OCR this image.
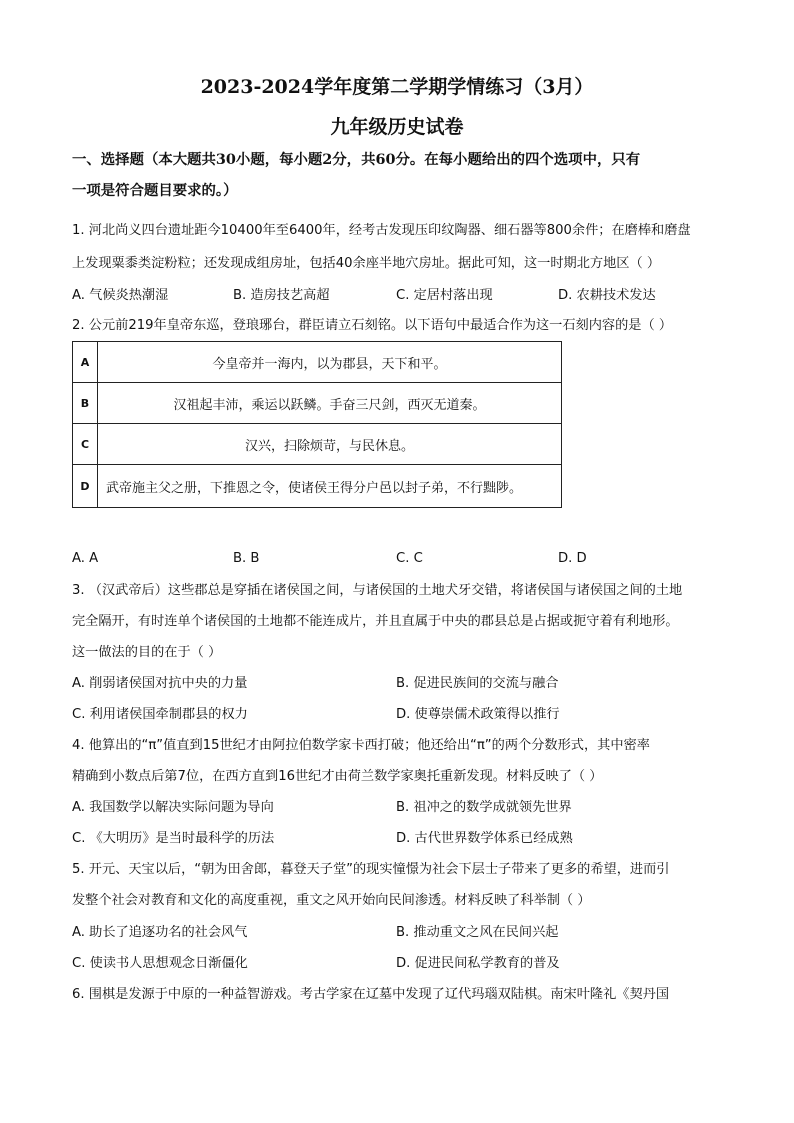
2023-2024学年度第二学期学情练习（3月）
九年级历史试卷
一、选择题（本大题共30小题，每小题2分，共60分。在每小题给出的四个选项中，只有
一项是符合题目要求的。）
1. 河北尚义四台遗址距今10400年至6400年，经考古发现压印纹陶器、细石器等800余件；在磨棒和磨盘
上发现粟黍类淀粉粒；还发现成组房址，包括40余座半地穴房址。据此可知，这一时期北方地区（ ）
A. 气候炎热潮湿	B. 造房技艺高超	C. 定居村落出现	D. 农耕技术发达
2. 公元前219年皇帝东巡，登琅琊台，群臣请立石刻铭。以下语句中最适合作为这一石刻内容的是（ ）
A	今皇帝并一海内，以为郡县，天下和平。
B	汉祖起丰沛，乘运以跃鳞。手奋三尺剑，西灭无道秦。
C	汉兴，扫除烦苛，与民休息。
D	武帝施主父之册，下推恩之令，使诸侯王得分户邑以封子弟，不行黜陟。
A. A	B. B	C. C	D. D
3. （汉武帝后）这些郡总是穿插在诸侯国之间，与诸侯国的土地犬牙交错，将诸侯国与诸侯国之间的土地
完全隔开，有时连单个诸侯国的土地都不能连成片，并且直属于中央的郡县总是占据或扼守着有利地形。
这一做法的目的在于（ ）
A. 削弱诸侯国对抗中央的力量	B. 促进民族间的交流与融合
C. 利用诸侯国牵制郡县的权力	D. 使尊崇儒术政策得以推行
4. 他算出的“π”值直到15世纪才由阿拉伯数学家卡西打破；他还给出“π”的两个分数形式，其中密率
精确到小数点后第7位，在西方直到16世纪才由荷兰数学家奥托重新发现。材料反映了（ ）
A. 我国数学以解决实际问题为导向	B. 祖冲之的数学成就领先世界
C. 《大明历》是当时最科学的历法	D. 古代世界数学体系已经成熟
5. 开元、天宝以后，“朝为田舍郎，暮登天子堂”的现实憧憬为社会下层士子带来了更多的希望，进而引
发整个社会对教育和文化的高度重视，重文之风开始向民间渗透。材料反映了科举制（ ）
A. 助长了追逐功名的社会风气	B. 推动重文之风在民间兴起
C. 使读书人思想观念日渐僵化	D. 促进民间私学教育的普及
6. 围棋是发源于中原的一种益智游戏。考古学家在辽墓中发现了辽代玛瑙双陆棋。南宋叶隆礼《契丹国
